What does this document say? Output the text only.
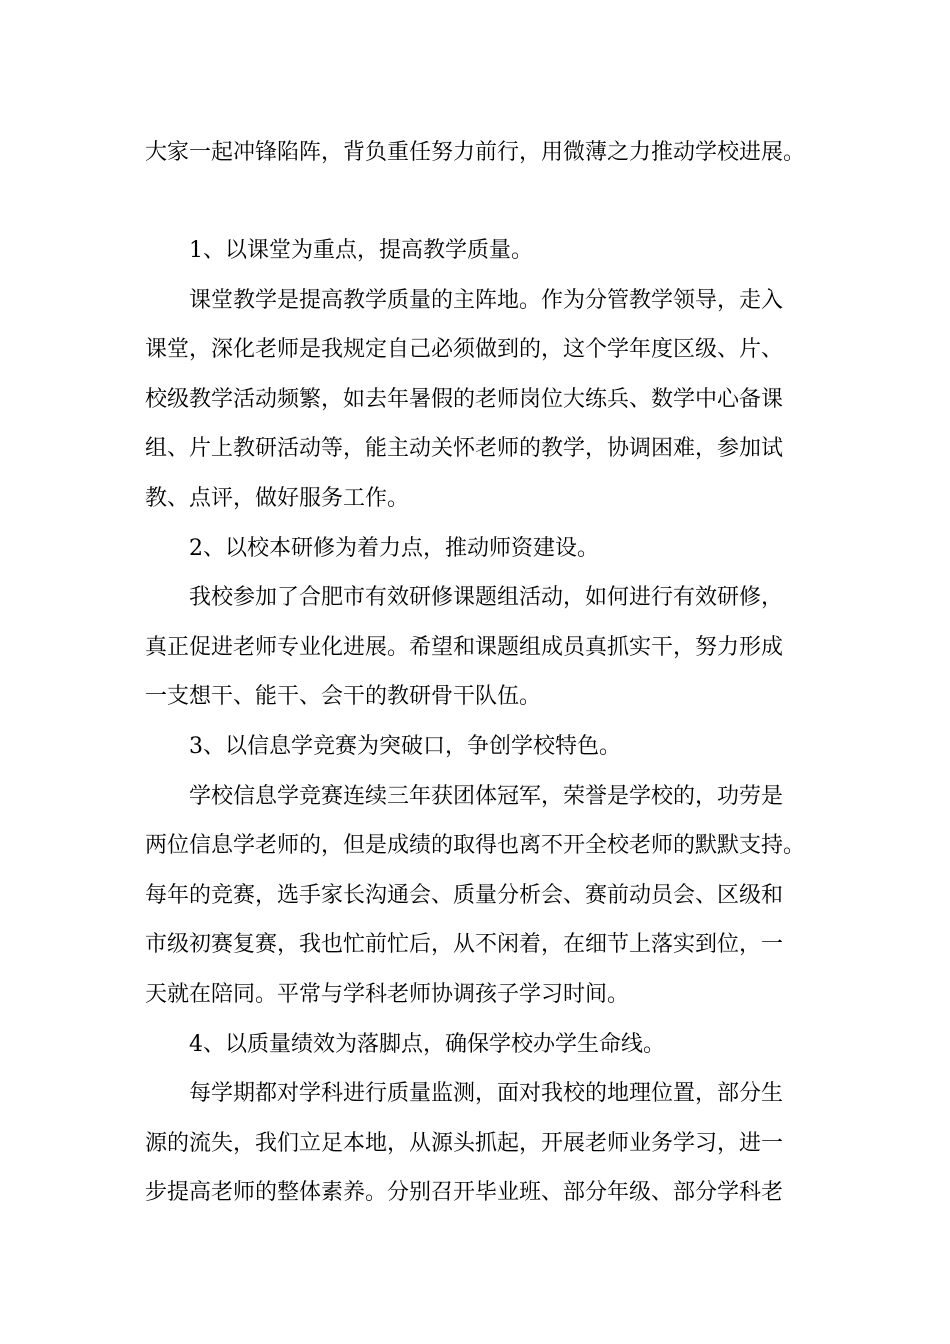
大家一起冲锋陷阵，背负重任努力前行，用微薄之力推动学校进展。
1、以课堂为重点，提高教学质量。
课堂教学是提高教学质量的主阵地。作为分管教学领导，走入
课堂，深化老师是我规定自己必须做到的，这个学年度区级、片、
校级教学活动频繁，如去年暑假的老师岗位大练兵、数学中心备课
组、片上教研活动等，能主动关怀老师的教学，协调困难，参加试
教、点评，做好服务工作。
2、以校本研修为着力点，推动师资建设。
我校参加了合肥市有效研修课题组活动，如何进行有效研修，
真正促进老师专业化进展。希望和课题组成员真抓实干，努力形成
一支想干、能干、会干的教研骨干队伍。
3、以信息学竞赛为突破口，争创学校特色。
学校信息学竞赛连续三年获团体冠军，荣誉是学校的，功劳是
两位信息学老师的，但是成绩的取得也离不开全校老师的默默支持。
每年的竞赛，选手家长沟通会、质量分析会、赛前动员会、区级和
市级初赛复赛，我也忙前忙后，从不闲着，在细节上落实到位，一
天就在陪同。平常与学科老师协调孩子学习时间。
4、以质量绩效为落脚点，确保学校办学生命线。
每学期都对学科进行质量监测，面对我校的地理位置，部分生
源的流失，我们立足本地，从源头抓起，开展老师业务学习，进一
步提高老师的整体素养。分别召开毕业班、部分年级、部分学科老
